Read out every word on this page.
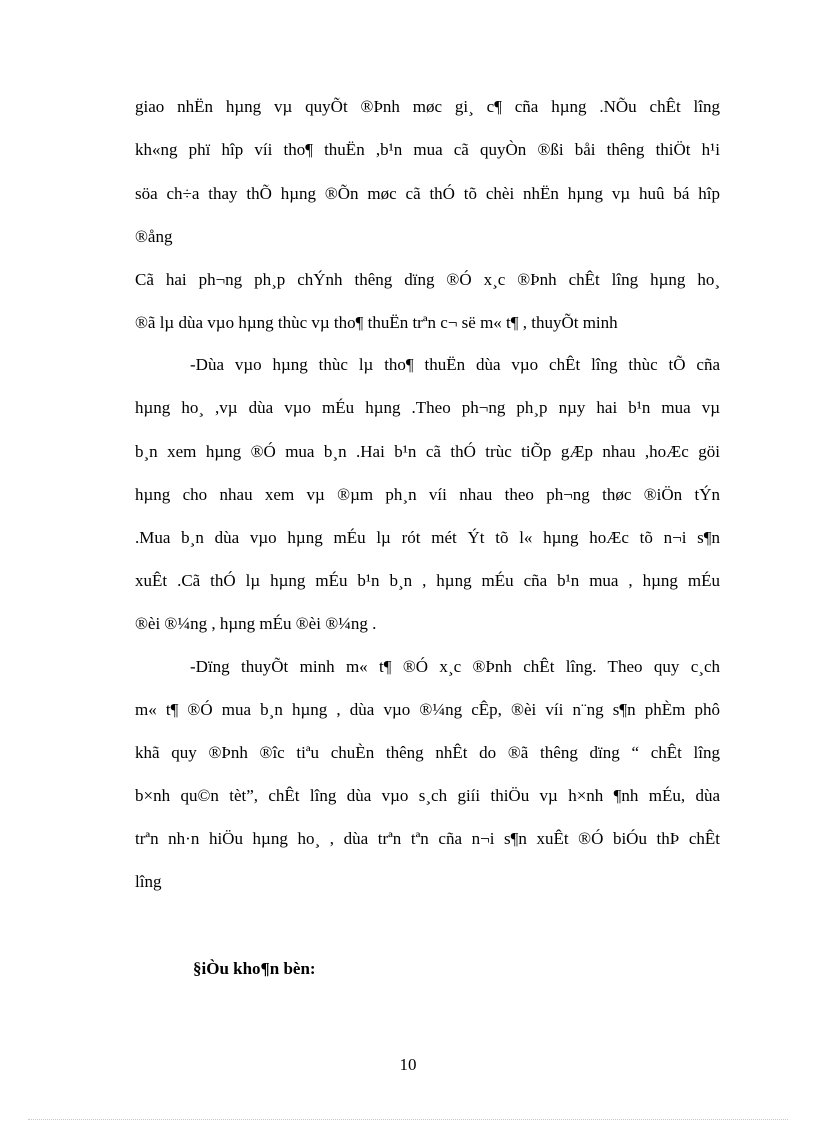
giao nhËn hµng vµ quyÕt ®Þnh møc gi¸ c¶ cña hµng .NÕu chÊt lîng
kh«ng phï hîp víi tho¶ thuËn ,b¹n mua cã quyÒn ®ßi båi thêng thiÖt h¹i
söa ch÷a thay thÕ hµng ®Õn møc cã thÓ tõ chèi nhËn hµng vµ huû bá hîp
®ång
Cã hai ph¬ng ph¸p chÝnh thêng dïng ®Ó x¸c ®Þnh chÊt lîng hµng ho¸
®ã lµ dùa vµo hµng thùc vµ tho¶ thuËn trªn c¬ së m« t¶ , thuyÕt minh
-Dùa vµo hµng thùc lµ tho¶ thuËn dùa vµo chÊt lîng thùc tÕ cña
hµng ho¸ ,vµ dùa vµo mÉu hµng .Theo ph¬ng ph¸p nµy hai b¹n mua vµ
b¸n xem hµng ®Ó mua b¸n .Hai b¹n cã thÓ trùc tiÕp gÆp nhau ,hoÆc göi
hµng cho nhau xem vµ ®µm ph¸n víi nhau theo ph¬ng thøc ®iÖn tÝn
.Mua b¸n dùa vµo hµng mÉu lµ rót mét Ýt tõ l« hµng hoÆc tõ n¬i s¶n
xuÊt .Cã thÓ lµ hµng mÉu b¹n b¸n , hµng mÉu cña b¹n mua , hµng mÉu
®èi ®¼ng , hµng mÉu ®èi ®¼ng .
-Dïng thuyÕt minh m« t¶ ®Ó x¸c ®Þnh chÊt lîng. Theo quy c¸ch
m« t¶ ®Ó mua b¸n hµng , dùa vµo ®¼ng cÊp, ®èi víi n¨ng s¶n phÈm phô
khã quy ®Þnh ®îc tiªu chuÈn thêng nhÊt do ®ã thêng dïng “ chÊt lîng
b×nh qu©n tèt”, chÊt lîng dùa vµo s¸ch giíi thiÖu vµ h×nh ¶nh mÉu, dùa
trªn nh·n hiÖu hµng ho¸ , dùa trªn tªn cña n¬i s¶n xuÊt ®Ó biÓu thÞ chÊt
lîng
§iÒu kho¶n bèn:
10
